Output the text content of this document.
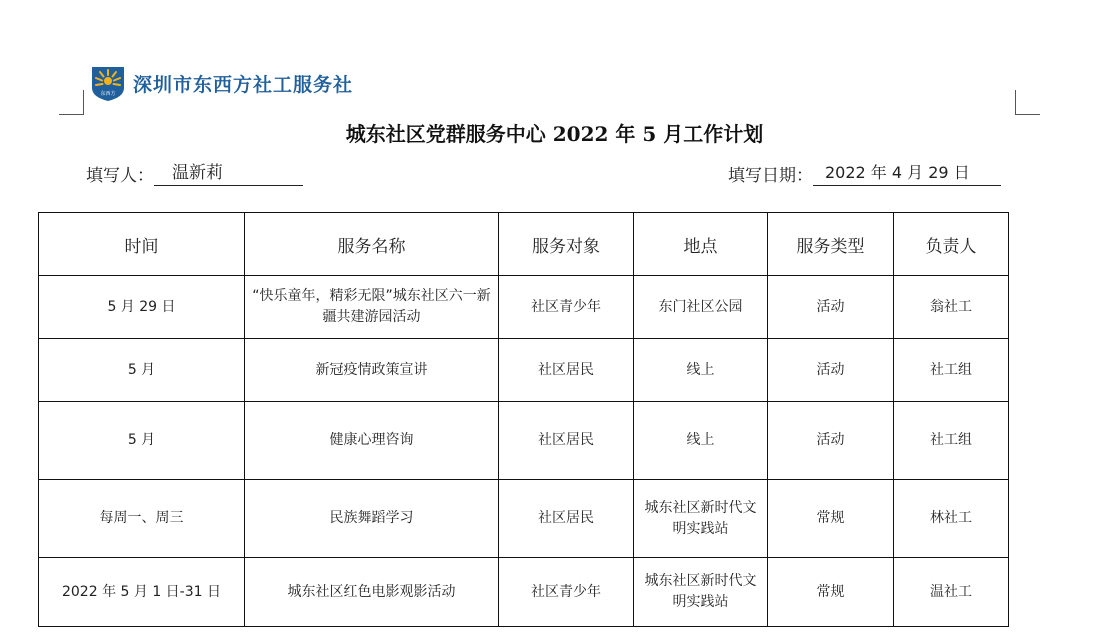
东西方 深圳市东西方社工服务社
城东社区党群服务中心 2022 年 5 月工作计划
填写人：	温新莉	填写日期： 2022 年 4 月 29 日
时间	服务名称	服务对象	地点	服务类型	负责人
5 月 29 日	“快乐童年，精彩无限”城东社区六一新疆共建游园活动	社区青少年	东门社区公园	活动	翁社工
5 月	新冠疫情政策宣讲	社区居民	线上	活动	社工组
5 月	健康心理咨询	社区居民	线上	活动	社工组
每周一、周三	民族舞蹈学习	社区居民	城东社区新时代文明实践站	常规	林社工
2022 年 5 月 1 日-31 日	城东社区红色电影观影活动	社区青少年	城东社区新时代文明实践站	常规	温社工
